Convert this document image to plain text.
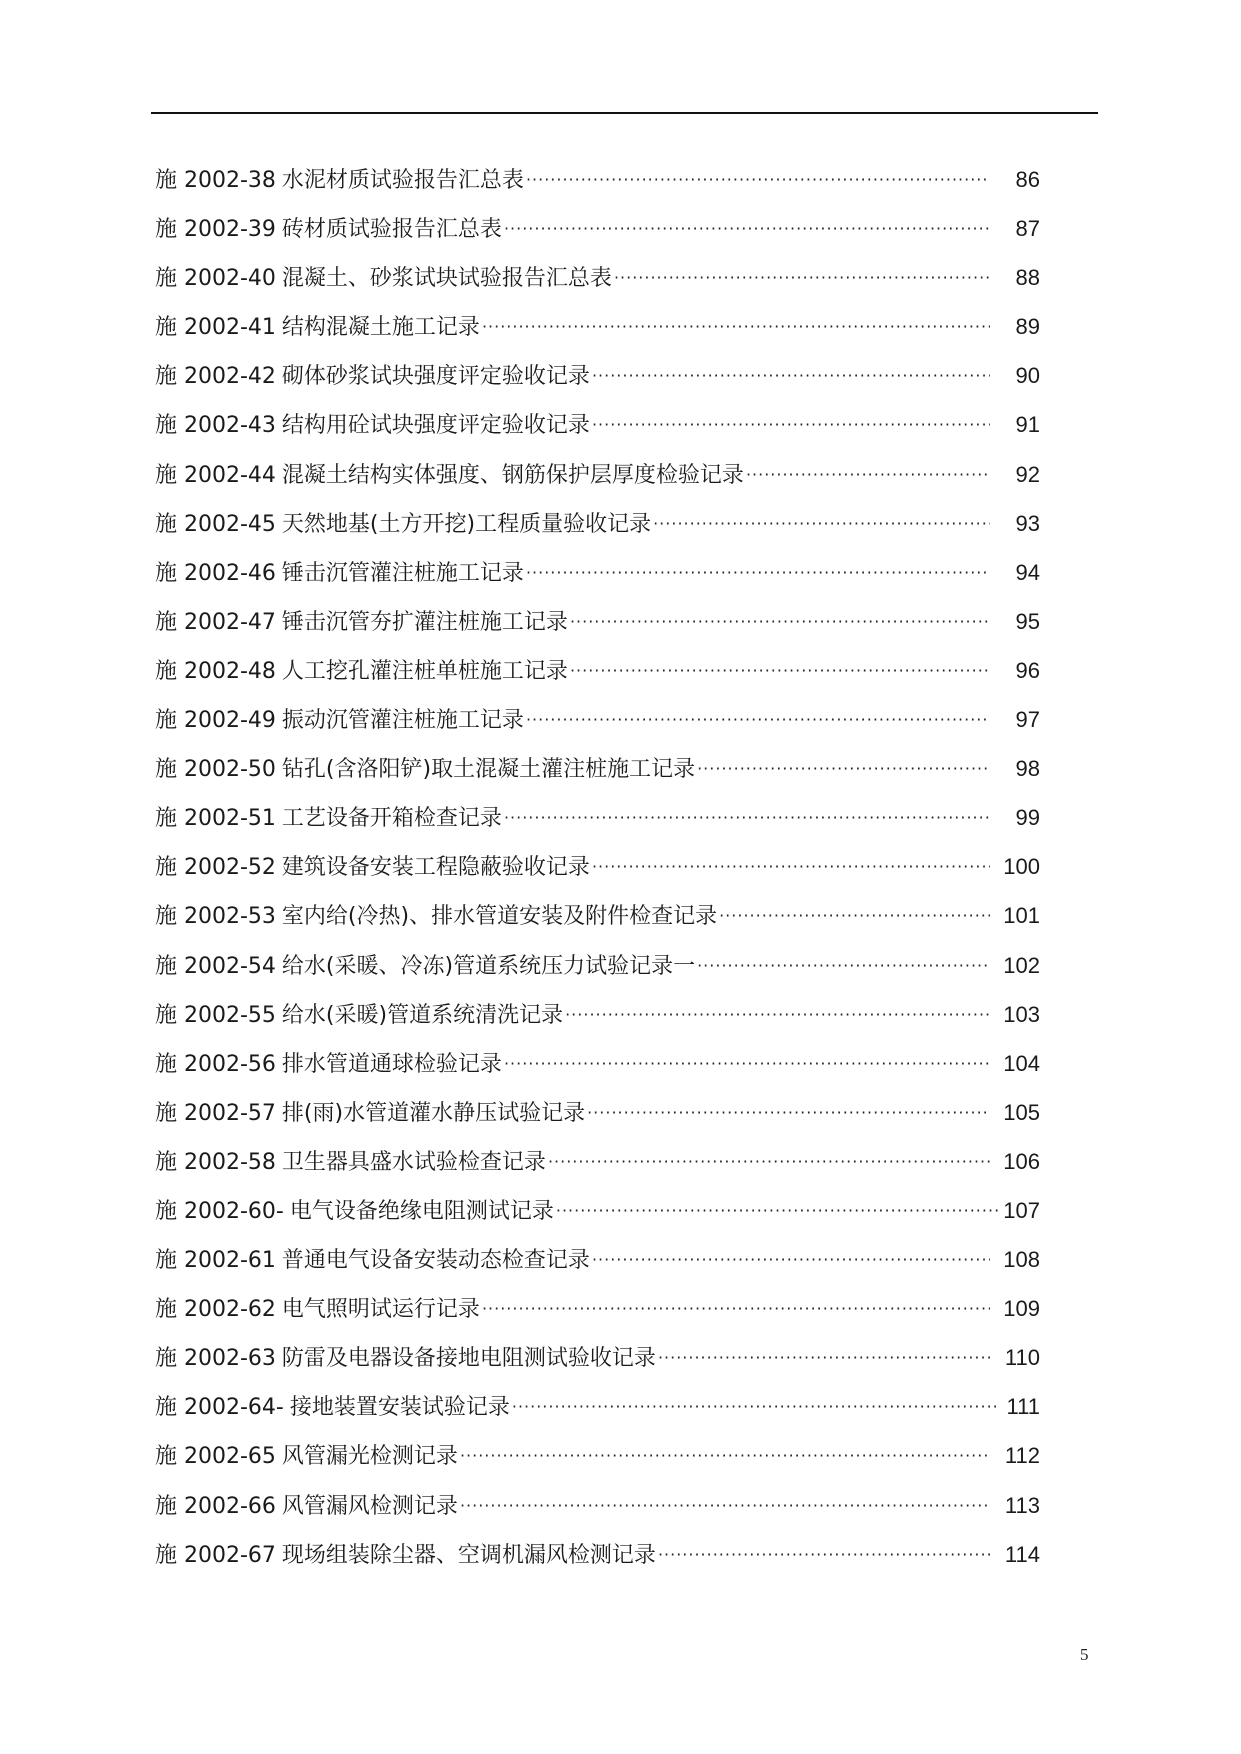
施 2002-38 水泥材质试验报告汇总表 ·····	86
施 2002-39 砖材质试验报告汇总表 ·····	87
施 2002-40 混凝土、砂浆试块试验报告汇总表 ·····	88
施 2002-41 结构混凝土施工记录 ·····	89
施 2002-42 砌体砂浆试块强度评定验收记录 ·····	90
施 2002-43 结构用砼试块强度评定验收记录 ·····	91
施 2002-44 混凝土结构实体强度、钢筋保护层厚度检验记录 ·····	92
施 2002-45 天然地基(土方开挖)工程质量验收记录 ·····	93
施 2002-46 锤击沉管灌注桩施工记录 ·····	94
施 2002-47 锤击沉管夯扩灌注桩施工记录 ·····	95
施 2002-48 人工挖孔灌注桩单桩施工记录 ·····	96
施 2002-49 振动沉管灌注桩施工记录 ·····	97
施 2002-50 钻孔(含洛阳铲)取土混凝土灌注桩施工记录 ·····	98
施 2002-51 工艺设备开箱检查记录 ·····	99
施 2002-52 建筑设备安装工程隐蔽验收记录 ·····	100
施 2002-53 室内给(冷热)、排水管道安装及附件检查记录 ·····	101
施 2002-54 给水(采暖、冷冻)管道系统压力试验记录一 ·····	102
施 2002-55 给水(采暖)管道系统清洗记录 ·····	103
施 2002-56 排水管道通球检验记录 ·····	104
施 2002-57 排(雨)水管道灌水静压试验记录 ·····	105
施 2002-58 卫生器具盛水试验检查记录 ·····	106
施 2002-60- 电气设备绝缘电阻测试记录 ·····	107
施 2002-61 普通电气设备安装动态检查记录 ·····	108
施 2002-62 电气照明试运行记录 ·····	109
施 2002-63 防雷及电器设备接地电阻测试验收记录 ·····	110
施 2002-64- 接地装置安装试验记录 ·····	111
施 2002-65 风管漏光检测记录 ·····	112
施 2002-66 风管漏风检测记录 ·····	113
施 2002-67 现场组装除尘器、空调机漏风检测记录 ·····	114
5
